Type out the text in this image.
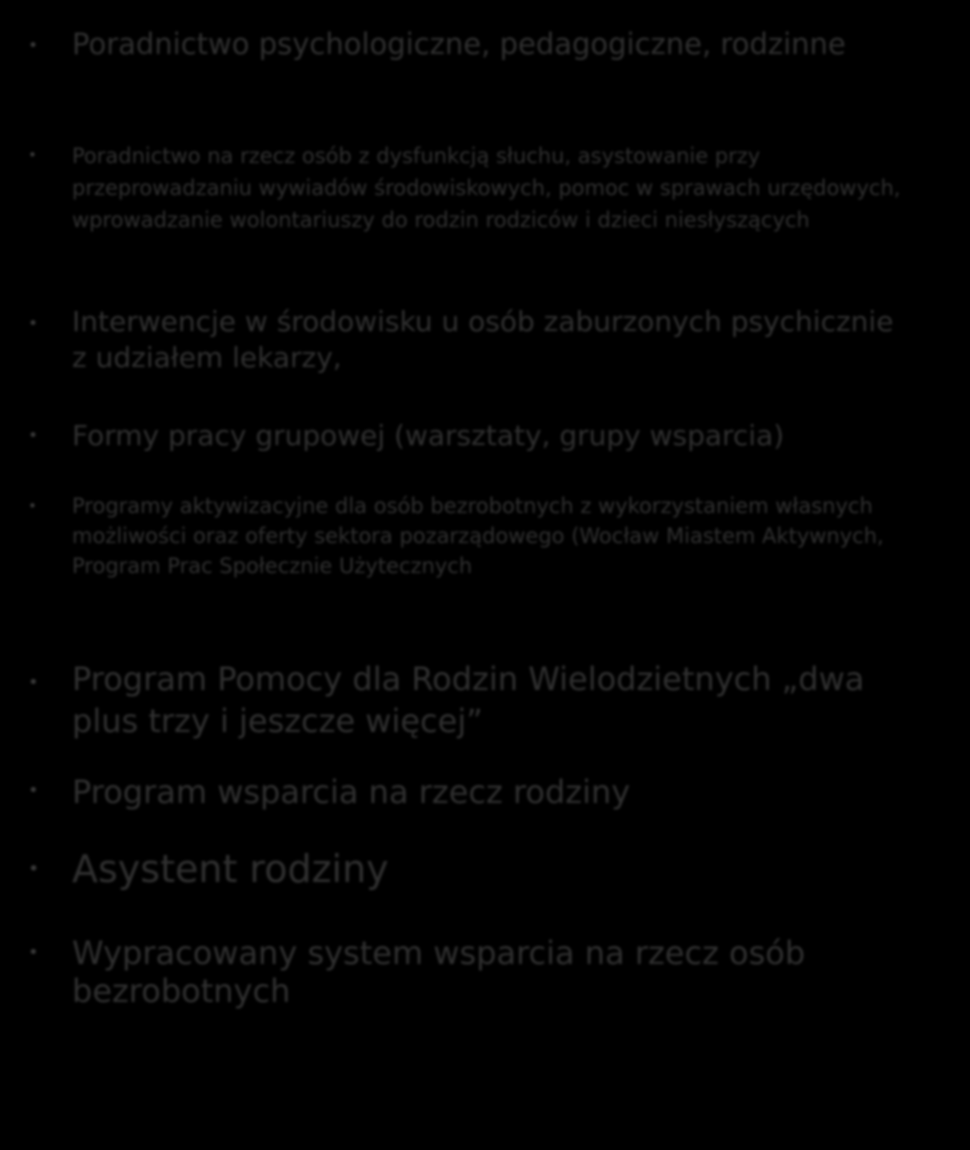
• Poradnictwo psychologiczne, pedagogiczne, rodzinne
• Poradnictwo na rzecz osób z dysfunkcją słuchu, asystowanie przy przeprowadzaniu wywiadów środowiskowych, pomoc w sprawach urzędowych, wprowadzanie wolontariuszy do rodzin rodziców i dzieci niesłyszących
• Interwencje w środowisku u osób zaburzonych psychicznie z udziałem lekarzy,
• Formy pracy grupowej (warsztaty, grupy wsparcia)
• Programy aktywizacyjne dla osób bezrobotnych z wykorzystaniem własnych możliwości oraz oferty sektora pozarządowego (Wocław Miastem Aktywnych, Program Prac Społecznie Użytecznych
• Program Pomocy dla Rodzin Wielodzietnych „dwa plus trzy i jeszcze więcej”
• Program wsparcia na rzecz rodziny
• Asystent rodziny
• Wypracowany system wsparcia na rzecz osób bezrobotnych
